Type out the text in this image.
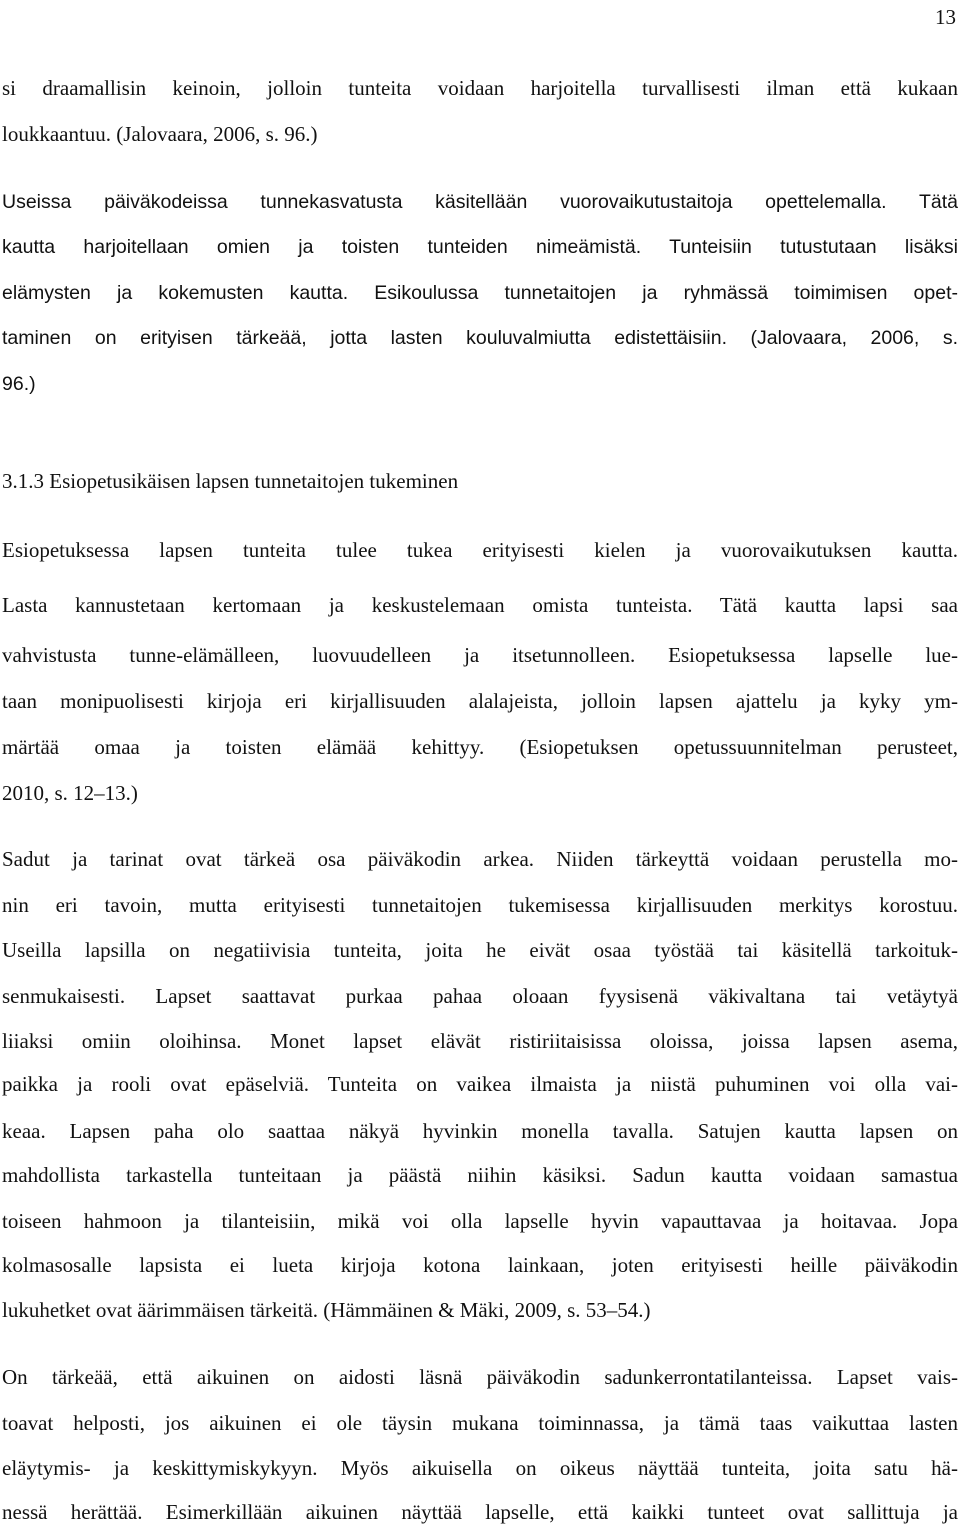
13
si draamallisin keinoin, jolloin tunteita voidaan harjoitella turvallisesti ilman että kukaan
loukkaantuu. (Jalovaara, 2006, s. 96.)
Useissa päiväkodeissa tunnekasvatusta käsitellään vuorovaikutustaitoja opettelemalla. Tätä
kautta harjoitellaan omien ja toisten tunteiden nimeämistä. Tunteisiin tutustutaan lisäksi
elämysten ja kokemusten kautta. Esikoulussa tunnetaitojen ja ryhmässä toimimisen opet-
taminen on erityisen tärkeää, jotta lasten kouluvalmiutta edistettäisiin. (Jalovaara, 2006, s.
96.)
3.1.3 Esiopetusikäisen lapsen tunnetaitojen tukeminen
Esiopetuksessa lapsen tunteita tulee tukea erityisesti kielen ja vuorovaikutuksen kautta.
Lasta kannustetaan kertomaan ja keskustelemaan omista tunteista. Tätä kautta lapsi saa
vahvistusta tunne-elämälleen, luovuudelleen ja itsetunnolleen. Esiopetuksessa lapselle lue-
taan monipuolisesti kirjoja eri kirjallisuuden alalajeista, jolloin lapsen ajattelu ja kyky ym-
märtää omaa ja toisten elämää kehittyy. (Esiopetuksen opetussuunnitelman perusteet,
2010, s. 12–13.)
Sadut ja tarinat ovat tärkeä osa päiväkodin arkea. Niiden tärkeyttä voidaan perustella mo-
nin eri tavoin, mutta erityisesti tunnetaitojen tukemisessa kirjallisuuden merkitys korostuu.
Useilla lapsilla on negatiivisia tunteita, joita he eivät osaa työstää tai käsitellä tarkoituk-
senmukaisesti. Lapset saattavat purkaa pahaa oloaan fyysisenä väkivaltana tai vetäytyä
liiaksi omiin oloihinsa. Monet lapset elävät ristiriitaisissa oloissa, joissa lapsen asema,
paikka ja rooli ovat epäselviä. Tunteita on vaikea ilmaista ja niistä puhuminen voi olla vai-
keaa. Lapsen paha olo saattaa näkyä hyvinkin monella tavalla. Satujen kautta lapsen on
mahdollista tarkastella tunteitaan ja päästä niihin käsiksi. Sadun kautta voidaan samastua
toiseen hahmoon ja tilanteisiin, mikä voi olla lapselle hyvin vapauttavaa ja hoitavaa. Jopa
kolmasosalle lapsista ei lueta kirjoja kotona lainkaan, joten erityisesti heille päiväkodin
lukuhetket ovat äärimmäisen tärkeitä. (Hämmäinen & Mäki, 2009, s. 53–54.)
On tärkeää, että aikuinen on aidosti läsnä päiväkodin sadunkerrontatilanteissa. Lapset vais-
toavat helposti, jos aikuinen ei ole täysin mukana toiminnassa, ja tämä taas vaikuttaa lasten
eläytymis- ja keskittymiskykyyn. Myös aikuisella on oikeus näyttää tunteita, joita satu hä-
nessä herättää. Esimerkillään aikuinen näyttää lapselle, että kaikki tunteet ovat sallittuja ja
